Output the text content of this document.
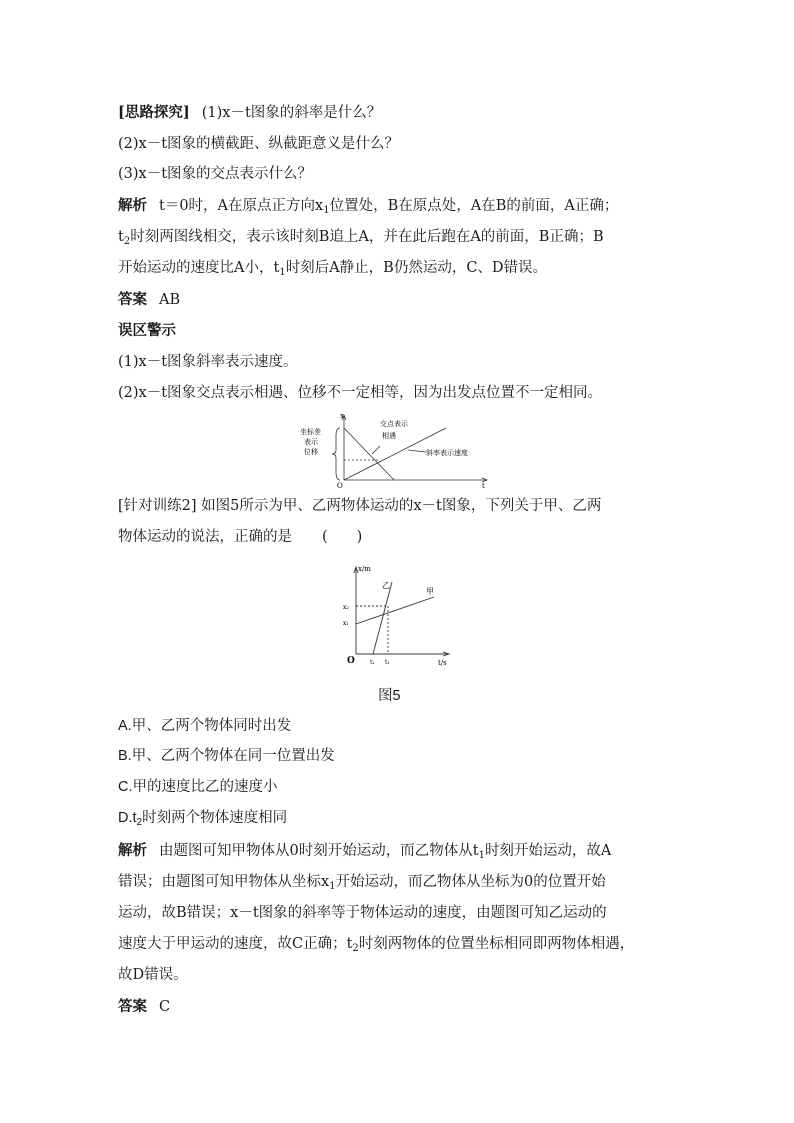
[思路探究] (1)x－t图象的斜率是什么？
(2)x－t图象的横截距、纵截距意义是什么？
(3)x－t图象的交点表示什么？
解析 t＝0时，A在原点正方向$x_1$位置处，B在原点处，A在B的前面，A正确；
$t_2$时刻两图线相交，表示该时刻B追上A，并在此后跑在A的前面，B正确；B
开始运动的速度比A小，$t_1$时刻后A静止，B仍然运动，C、D错误。
答案 AB
误区警示
(1)x－t图象斜率表示速度。
(2)x－t图象交点表示相遇、位移不一定相等，因为出发点位置不一定相同。
x
t
O
坐标差
表示
位移
交点表示
相遇
斜率表示速度
[针对训练2] 如图5所示为甲、乙两物体运动的x－t图象，下列关于甲、乙两
物体运动的说法，正确的是 (　　)
x/m
t/s
O
x₂
x₁
t₁ t₁
甲
乙
图5
A.甲、乙两个物体同时出发
B.甲、乙两个物体在同一位置出发
C.甲的速度比乙的速度小
$D.t_2$时刻两个物体速度相同
解析 由题图可知甲物体从0时刻开始运动，而乙物体从$t_1$时刻开始运动，故A
错误；由题图可知甲物体从坐标$x_1$开始运动，而乙物体从坐标为0的位置开始
运动，故B错误；x－t图象的斜率等于物体运动的速度，由题图可知乙运动的
速度大于甲运动的速度，故C正确；$t_2$时刻两物体的位置坐标相同即两物体相遇，
故D错误。
答案 C
